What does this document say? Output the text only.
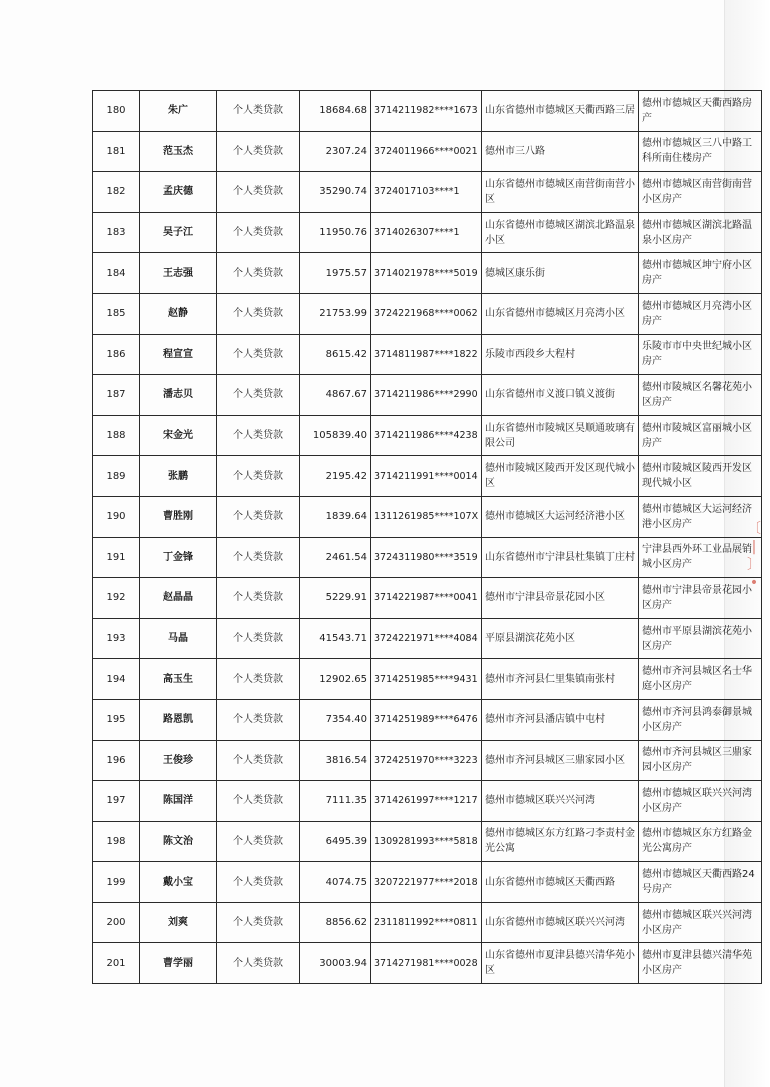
〔
|
〕
•
180	朱广	个人类贷款	18684.68	3714211982****1673	山东省德州市德城区天衢西路三居	德州市德城区天衢西路房产
181	范玉杰	个人类贷款	2307.24	3724011966****0021	德州市三八路	德州市德城区三八中路工科所南住楼房产
182	孟庆德	个人类贷款	35290.74	3724017103****1	山东省德州市德城区南营街南营小区	德州市德城区南营街南营小区房产
183	吴子江	个人类贷款	11950.76	3714026307****1	山东省德州市德城区湖滨北路温泉小区	德州市德城区湖滨北路温泉小区房产
184	王志强	个人类贷款	1975.57	3714021978****5019	德城区康乐街	德州市德城区坤宁府小区房产
185	赵静	个人类贷款	21753.99	3724221968****0062	山东省德州市德城区月亮湾小区	德州市德城区月亮湾小区房产
186	程宣宣	个人类贷款	8615.42	3714811987****1822	乐陵市西段乡大程村	乐陵市市中央世纪城小区房产
187	潘志贝	个人类贷款	4867.67	3714211986****2990	山东省德州市义渡口镇义渡街	德州市陵城区名馨花苑小区房产
188	宋金光	个人类贷款	105839.40	3714211986****4238	山东省德州市陵城区昊顺通玻璃有限公司	德州市陵城区富丽城小区房产
189	张鹏	个人类贷款	2195.42	3714211991****0014	德州市陵城区陵西开发区现代城小区	德州市陵城区陵西开发区现代城小区
190	曹胜刚	个人类贷款	1839.64	1311261985****107X	德州市德城区大运河经济港小区	德州市德城区大运河经济港小区房产
191	丁金锋	个人类贷款	2461.54	3724311980****3519	山东省德州市宁津县杜集镇丁庄村	宁津县西外环工业品展销城小区房产
192	赵晶晶	个人类贷款	5229.91	3714221987****0041	德州市宁津县帝景花园小区	德州市宁津县帝景花园小区房产
193	马晶	个人类贷款	41543.71	3724221971****4084	平原县湖滨花苑小区	德州市平原县湖滨花苑小区房产
194	高玉生	个人类贷款	12902.65	3714251985****9431	德州市齐河县仁里集镇南张村	德州市齐河县城区名士华庭小区房产
195	路恩凯	个人类贷款	7354.40	3714251989****6476	德州市齐河县潘店镇中屯村	德州市齐河县鸿泰御景城小区房产
196	王俊珍	个人类贷款	3816.54	3724251970****3223	德州市齐河县城区三鼎家园小区	德州市齐河县城区三鼎家园小区房产
197	陈国洋	个人类贷款	7111.35	3714261997****1217	德州市德城区联兴兴河湾	德州市德城区联兴兴河湾小区房产
198	陈文治	个人类贷款	6495.39	1309281993****5818	德州市德城区东方红路刁李责村金光公寓	德州市德城区东方红路金光公寓房产
199	戴小宝	个人类贷款	4074.75	3207221977****2018	山东省德州市德城区天衢西路	德州市德城区天衢西路24号房产
200	刘爽	个人类贷款	8856.62	2311811992****0811	山东省德州市德城区联兴兴河湾	德州市德城区联兴兴河湾小区房产
201	曹学丽	个人类贷款	30003.94	3714271981****0028	山东省德州市夏津县德兴清华苑小区	德州市夏津县德兴清华苑小区房产
